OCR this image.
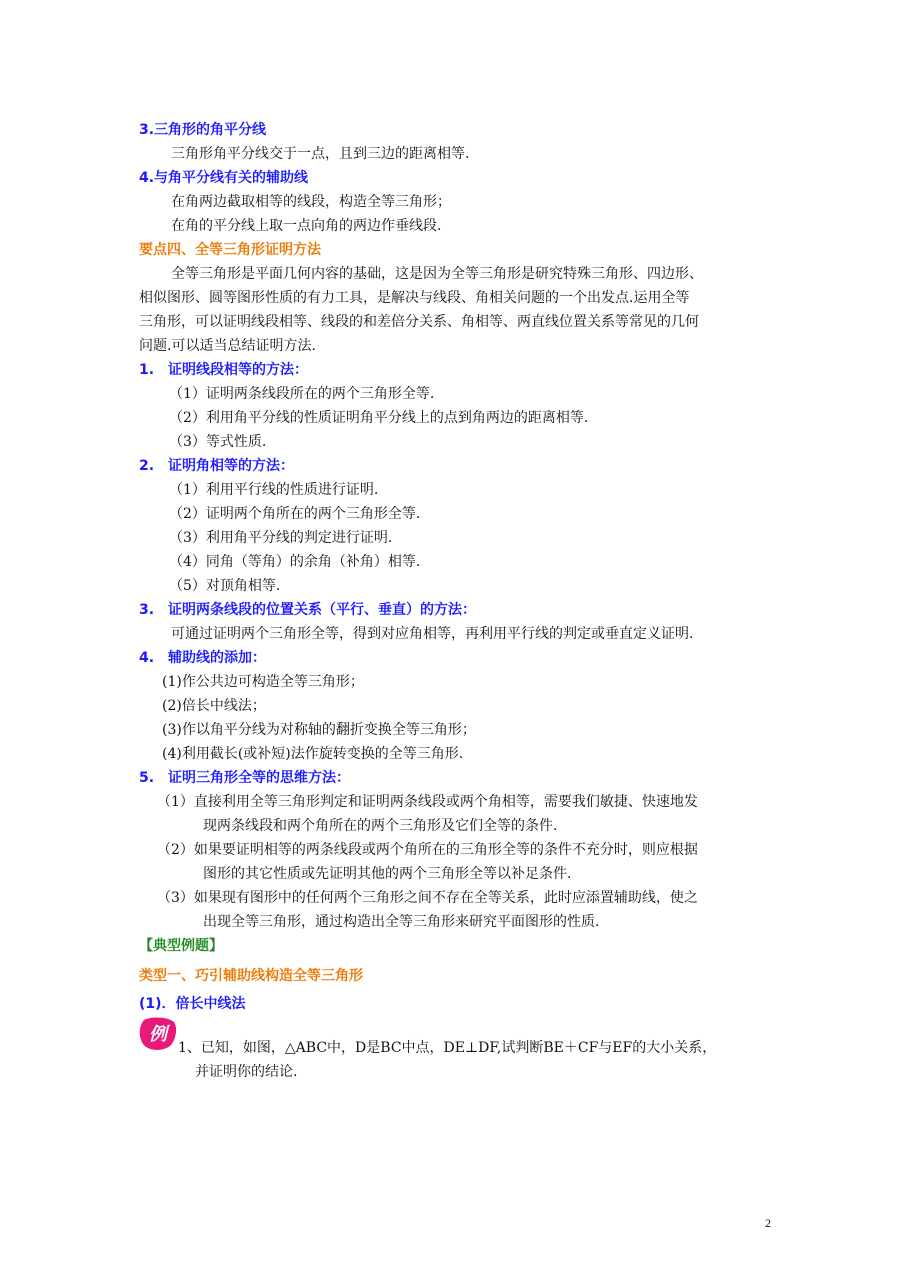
3.三角形的角平分线
三角形角平分线交于一点，且到三边的距离相等.
4.与角平分线有关的辅助线
在角两边截取相等的线段，构造全等三角形；
在角的平分线上取一点向角的两边作垂线段.
要点四、全等三角形证明方法
全等三角形是平面几何内容的基础，这是因为全等三角形是研究特殊三角形、四边形、
相似图形、圆等图形性质的有力工具，是解决与线段、角相关问题的一个出发点.运用全等
三角形，可以证明线段相等、线段的和差倍分关系、角相等、两直线位置关系等常见的几何
问题.可以适当总结证明方法.
1.　证明线段相等的方法：
（1）证明两条线段所在的两个三角形全等.
（2）利用角平分线的性质证明角平分线上的点到角两边的距离相等.
（3）等式性质.
2.　证明角相等的方法：
（1）利用平行线的性质进行证明.
（2）证明两个角所在的两个三角形全等.
（3）利用角平分线的判定进行证明.
（4）同角（等角）的余角（补角）相等.
（5）对顶角相等.
3.　证明两条线段的位置关系（平行、垂直）的方法：
可通过证明两个三角形全等，得到对应角相等，再利用平行线的判定或垂直定义证明.
4.　辅助线的添加：
(1)作公共边可构造全等三角形；
(2)倍长中线法；
(3)作以角平分线为对称轴的翻折变换全等三角形；
(4)利用截长(或补短)法作旋转变换的全等三角形.
5.　证明三角形全等的思维方法：
（1）直接利用全等三角形判定和证明两条线段或两个角相等，需要我们敏捷、快速地发
现两条线段和两个角所在的两个三角形及它们全等的条件.
（2）如果要证明相等的两条线段或两个角所在的三角形全等的条件不充分时，则应根据
图形的其它性质或先证明其他的两个三角形全等以补足条件.
（3）如果现有图形中的任何两个三角形之间不存在全等关系，此时应添置辅助线，使之
出现全等三角形，通过构造出全等三角形来研究平面图形的性质.
【典型例题】
类型一、巧引辅助线构造全等三角形
(1)．倍长中线法
例
1、已知，如图，△ABC中，D是BC中点，DE⊥DF,试判断BE＋CF与EF的大小关系，
并证明你的结论.
2
